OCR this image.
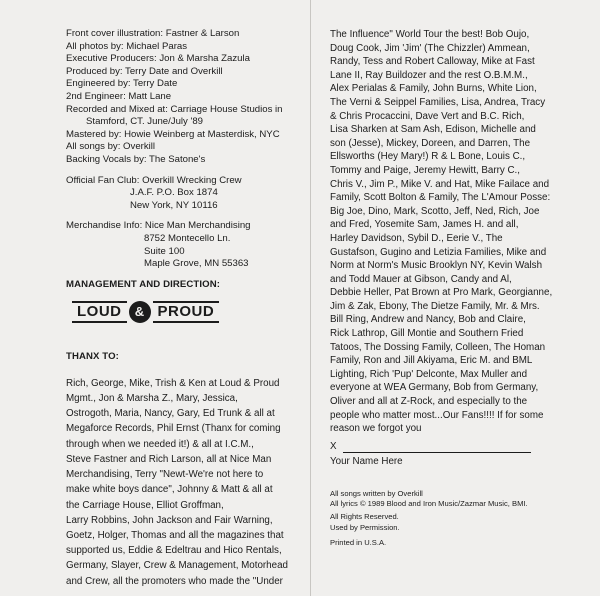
Front cover illustration: Fastner & Larson
All photos by: Michael Paras
Executive Producers: Jon & Marsha Zazula
Produced by: Terry Date and Overkill
Engineered by: Terry Date
2nd Engineer: Matt Lane
Recorded and Mixed at: Carriage House Studios in
Stamford, CT. June/July '89
Mastered by: Howie Weinberg at Masterdisk, NYC
All songs by: Overkill
Backing Vocals by: The Satone's
Official Fan Club: Overkill Wrecking Crew
J.A.F. P.O. Box 1874
New York, NY 10116
Merchandise Info: Nice Man Merchandising
8752 Montecello Ln.
Suite 100
Maple Grove, MN 55363
MANAGEMENT AND DIRECTION:
LOUD	& PROUD
THANX TO:
Rich, George, Mike, Trish & Ken at Loud & Proud
Mgmt., Jon & Marsha Z., Mary, Jessica,
Ostrogoth, Maria, Nancy, Gary, Ed Trunk & all at
Megaforce Records, Phil Ernst (Thanx for coming
through when we needed it!) & all at I.C.M.,
Steve Fastner and Rich Larson, all at Nice Man
Merchandising, Terry "Newt-We're not here to
make white boys dance", Johnny & Matt & all at
the Carriage House, Elliot Groffman,
Larry Robbins, John Jackson and Fair Warning,
Goetz, Holger, Thomas and all the magazines that
supported us, Eddie & Edeltrau and Hico Rentals,
Germany, Slayer, Crew & Management, Motorhead
and Crew, all the promoters who made the "Under
The Influence" World Tour the best! Bob Oujo,
Doug Cook, Jim 'Jim' (The Chizzler) Ammean,
Randy, Tess and Robert Calloway, Mike at Fast
Lane II, Ray Buildozer and the rest O.B.M.M.,
Alex Perialas & Family, John Burns, White Lion,
The Verni & Seippel Families, Lisa, Andrea, Tracy
& Chris Procaccini, Dave Vert and B.C. Rich,
Lisa Sharken at Sam Ash, Edison, Michelle and
son (Jesse), Mickey, Doreen, and Darren, The
Ellsworths (Hey Mary!) R & L Bone, Louis C.,
Tommy and Paige, Jeremy Hewitt, Barry C.,
Chris V., Jim P., Mike V. and Hat, Mike Failace and
Family, Scott Bolton & Family, The L'Amour Posse:
Big Joe, Dino, Mark, Scotto, Jeff, Ned, Rich, Joe
and Fred, Yosemite Sam, James H. and all,
Harley Davidson, Sybil D., Eerie V., The
Gustafson, Gugino and Letizia Families, Mike and
Norm at Norm's Music Brooklyn NY, Kevin Walsh
and Todd Mauer at Gibson, Candy and Al,
Debbie Heller, Pat Brown at Pro Mark, Georgianne,
Jim & Zak, Ebony, The Dietze Family, Mr. & Mrs.
Bill Ring, Andrew and Nancy, Bob and Claire,
Rick Lathrop, Gill Montie and Southern Fried
Tatoos, The Dossing Family, Colleen, The Homan
Family, Ron and Jill Akiyama, Eric M. and BML
Lighting, Rich 'Pup' Delconte, Max Muller and
everyone at WEA Germany, Bob from Germany,
Oliver and all at Z-Rock, and especially to the
people who matter most...Our Fans!!!! If for some
reason we forgot you
X
Your Name Here
All songs written by Overkill
All lyrics © 1989 Blood and Iron Music/Zazmar Music, BMI.
All Rights Reserved.
Used by Permission.
Printed in U.S.A.
